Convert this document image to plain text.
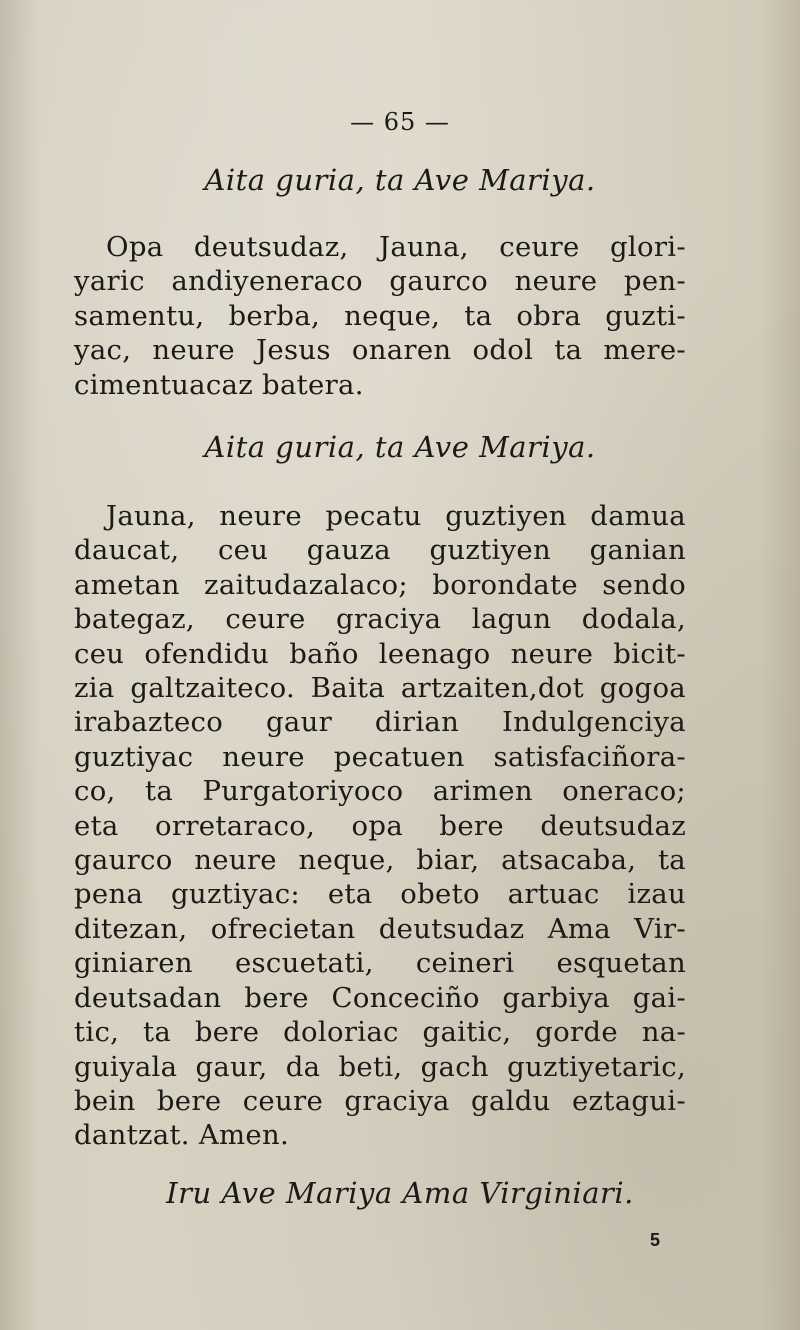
— 65 —
Aita guria, ta Ave Mariya.

Opa deutsudaz, Jauna, ceure glori-
yaric andiyeneraco gaurco neure pen-
samentu, berba, neque, ta obra guzti-
yac, neure Jesus onaren odol ta mere-
cimentuacaz batera.

Aita guria, ta Ave Mariya.

Jauna, neure pecatu guztiyen damua
daucat, ceu gauza guztiyen ganian
ametan zaitudazalaco; borondate sendo
bategaz, ceure graciya lagun dodala,
ceu ofendidu baño leenago neure bicit-
zia galtzaiteco. Baita artzaiten,dot gogoa
irabazteco gaur dirian Indulgenciya
guztiyac neure pecatuen satisfaciñora-
co, ta Purgatoriyoco arimen oneraco;
eta orretaraco, opa bere deutsudaz
gaurco neure neque, biar, atsacaba, ta
pena guztiyac: eta obeto artuac izau
ditezan, ofrecietan deutsudaz Ama Vir-
giniaren escuetati, ceineri esquetan
deutsadan bere Conceciño garbiya gai-
tic, ta bere doloriac gaitic, gorde na-
guiyala gaur, da beti, gach guztiyetaric,
bein bere ceure graciya galdu eztagui-
dantzat. Amen.

Iru Ave Mariya Ama Virginiari.
5
